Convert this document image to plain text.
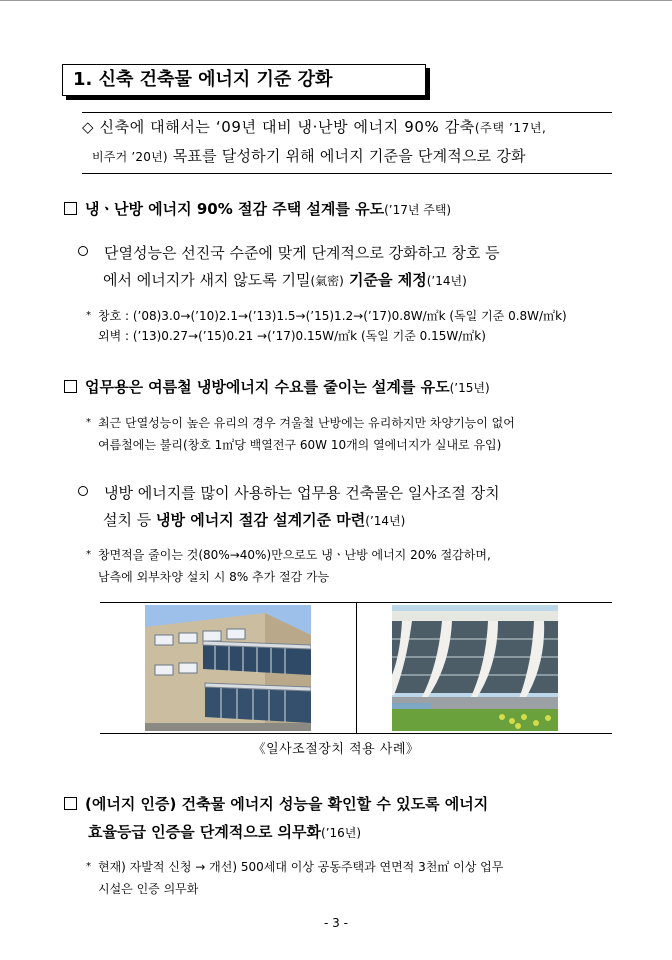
1. 신축 건축물 에너지 기준 강화
◇ 신축에 대해서는 ‘09년 대비 냉·난방 에너지 90% 감축(주택 ’17년,
비주거 ’20년) 목표를 달성하기 위해 에너지 기준을 단계적으로 강화
냉ㆍ난방 에너지 90% 절감 주택 설계를 유도(’17년 주택)
단열성능은 선진국 수준에 맞게 단계적으로 강화하고 창호 등
에서 에너지가 새지 않도록 기밀(氣密) 기준을 제정(’14년)
* 창호 : (’08)3.0→(’10)2.1→(’13)1.5→(’15)1.2→(’17)0.8W/㎡k (독일 기준 0.8W/㎡k)
외벽 : (’13)0.27→(’15)0.21 →(’17)0.15W/㎡k (독일 기준 0.15W/㎡k)
업무용은 여름철 냉방에너지 수요를 줄이는 설계를 유도(’15년)
* 최근 단열성능이 높은 유리의 경우 겨울철 난방에는 유리하지만 차양기능이 없어
여름철에는 불리(창호 1㎡당 백열전구 60W 10개의 열에너지가 실내로 유입)
냉방 에너지를 많이 사용하는 업무용 건축물은 일사조절 장치
설치 등 냉방 에너지 절감 설계기준 마련(’14년)
* 창면적을 줄이는 것(80%→40%)만으로도 냉ㆍ난방 에너지 20% 절감하며,
남측에 외부차양 설치 시 8% 추가 절감 가능
《일사조절장치 적용 사례》
(에너지 인증) 건축물 에너지 성능을 확인할 수 있도록 에너지
효율등급 인증을 단계적으로 의무화(’16년)
* 현재) 자발적 신청 → 개선) 500세대 이상 공동주택과 연면적 3천㎡ 이상 업무
시설은 인증 의무화
- 3 -
